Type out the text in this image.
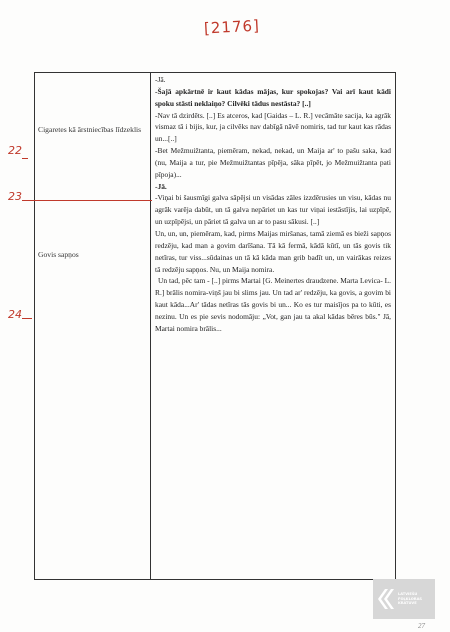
[2176]
Cigaretes kā ārstniecības līdzeklis
Govis sapņos

-Jā.

-Šajā apkārtnē ir kaut kādas mājas, kur spokojas? Vai arī kaut kādi spoku stāsti neklaiņo? Cilvēki tādus nestāsta? [..]

-Nav tā dzirdēts. [..] Es atceros, kad [Gaidas – L. R.] vecāmāte sacija, ka agrāk vismaz tā i bijis, kur, ja cilvēks nav dabīgā nāvē nomiris, tad tur kaut kas rādas un...[..]

-Bet Mežmuižtanta, piemēram, nekad, nekad, un Maija ar' to pašu saka, kad (nu, Maija a tur, pie Mežmuižtantas pīpēja, sāka pīpēt, jo Mežmuižtanta pati pīpoja)...

-Jā.

-Viņai bi šausmīgi galva sāpējsi un visādas zāles izzdērusies un visu, kādas nu agrāk varēja dabūt, un tā galva nepāriet un kas tur viņai iestāstījis, lai uzpīpē, un uzpīpējsi, un pāriet tā galva un ar to pasu sākusi. [..]

Un, un, un, piemēram, kad, pirms Maijas miršanas, tamā ziemā es bieži sapņos redzēju, kad man a govim darīšana. Tā kā fermā, kādā kūtī, un tās govis tik netīras, tur viss...sūdainas un tā kā kāda man grib badīt un, un vairākas reizes tā redzēju sapņos. Nu, un Maija nomira.

Un tad, pēc tam - [..] pirms Martai [G. Meinertes draudzene. Marta Levica- L. R.] brālis nomira-viņš jau bi slims jau. Un tad ar' redzēju, ka govis, a govim bi kaut kāda...Ar' tādas netīras tās govis bi un... Ko es tur maisījos pa to kūti, es nezinu. Un es pie sevis nodomāju: „Vot, gan jau ta akal kādas bēres būs." Jā, Martai nomira brālis...

22
23
24
LATVIEŠU
FOLKLORAS
KRĀTUVE
27
